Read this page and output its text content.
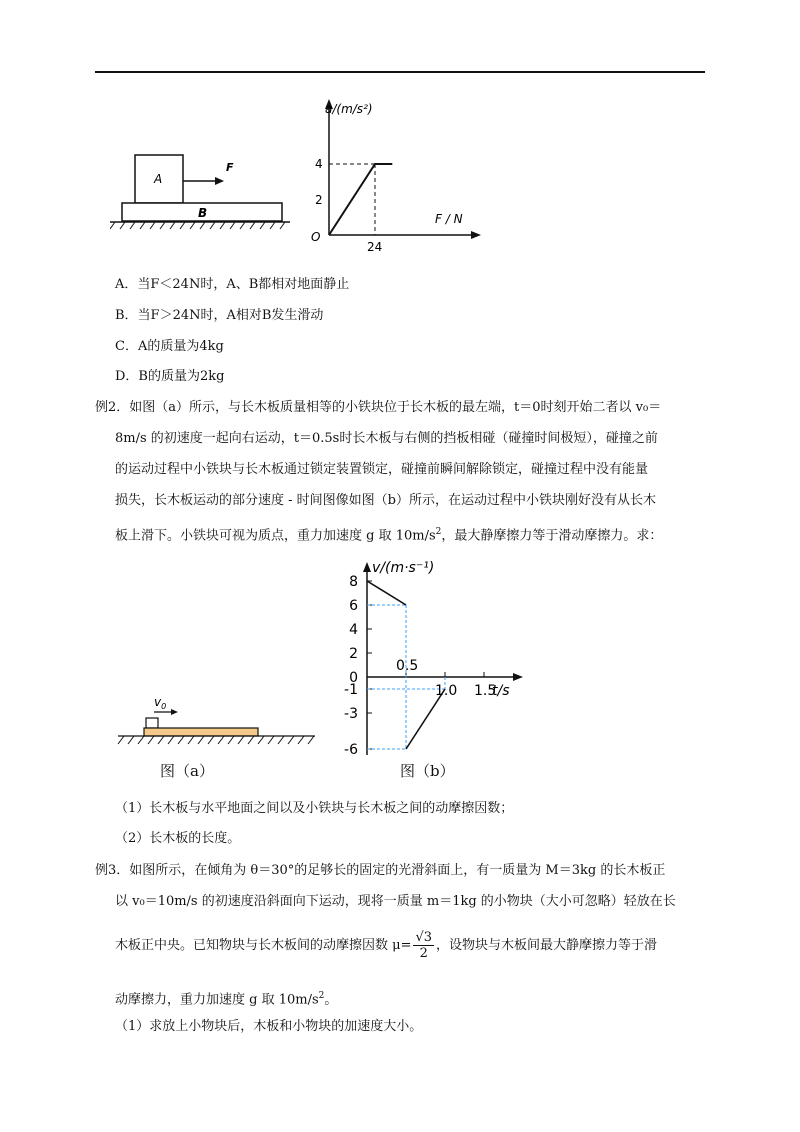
A
B
F
a/(m/s²)
F / N
O
4
2
24
A．当F＜24N时，A、B都相对地面静止
B．当F＞24N时，A相对B发生滑动
C．A的质量为4kg
D．B的质量为2kg
例2．如图（a）所示，与长木板质量相等的小铁块位于长木板的最左端，t＝0时刻开始二者以 v₀＝
8m/s 的初速度一起向右运动，t＝0.5s时长木板与右侧的挡板相碰（碰撞时间极短），碰撞之前
的运动过程中小铁块与长木板通过锁定装置锁定，碰撞前瞬间解除锁定，碰撞过程中没有能量
损失，长木板运动的部分速度 - 时间图像如图（b）所示，在运动过程中小铁块刚好没有从长木
板上滑下。小铁块可视为质点，重力加速度 g 取 $10m/s^2$，最大静摩擦力等于滑动摩擦力。求：
$v_0$
图（a）
v/(m·s⁻¹)
t/s
8
6
4
2
0
-1
-3
-6
0.5
1.0 1.5
图（b）
（1）长木板与水平地面之间以及小铁块与长木板之间的动摩擦因数；
（2）长木板的长度。
例3．如图所示，在倾角为 θ＝30°的足够长的固定的光滑斜面上，有一质量为 M＝3kg 的长木板正
以 v₀＝10m/s 的初速度沿斜面向下运动，现将一质量 m＝1kg 的小物块（大小可忽略）轻放在长
木板正中央。已知物块与长木板间的动摩擦因数 $\mu= \frac{√3}{2}$ ，设物块与木板间最大静摩擦力等于滑
动摩擦力，重力加速度 g 取 $10m/s^2$。
（1）求放上小物块后，木板和小物块的加速度大小。
